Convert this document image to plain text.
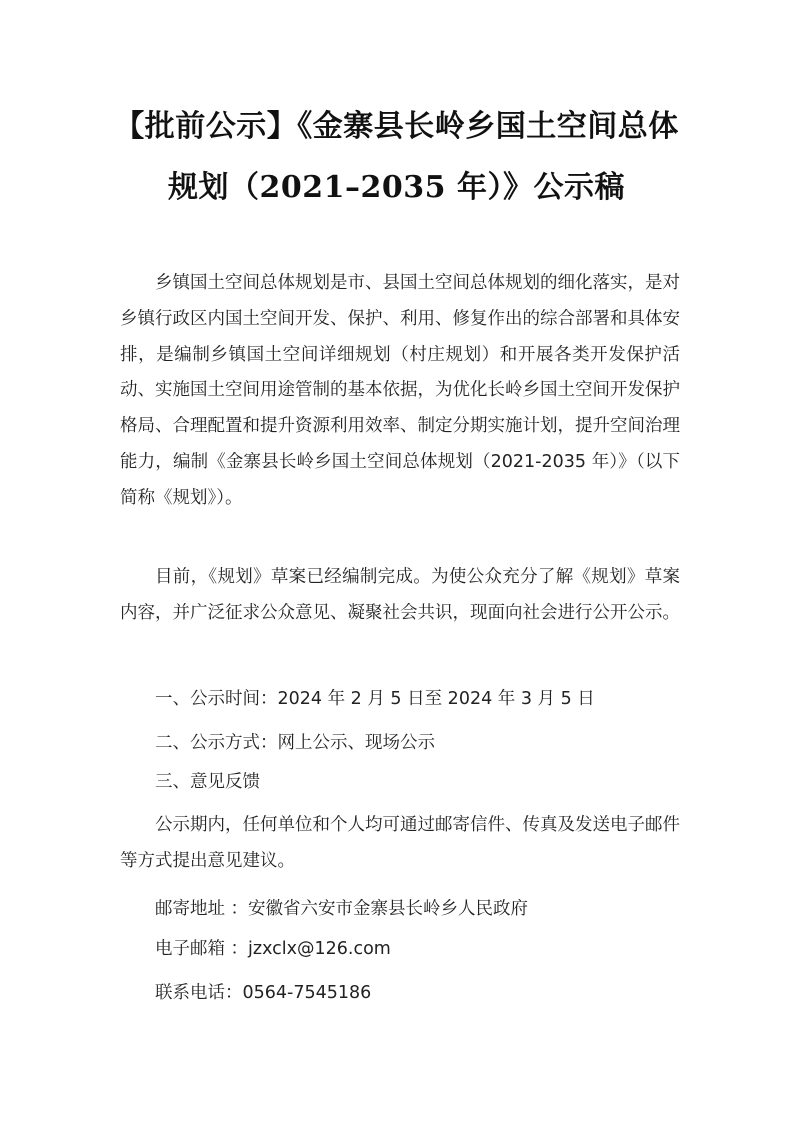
【批前公示】《金寨县长岭乡国土空间总体
规划（2021–2035 年）》公示稿

乡镇国土空间总体规划是市、县国土空间总体规划的细化落实，是对乡镇行政区内国土空间开发、保护、利用、修复作出的综合部署和具体安排，是编制乡镇国土空间详细规划（村庄规划）和开展各类开发保护活动、实施国土空间用途管制的基本依据，为优化长岭乡国土空间开发保护格局、合理配置和提升资源利用效率、制定分期实施计划，提升空间治理能力，编制《金寨县长岭乡国土空间总体规划（2021-2035 年）》（以下简称《规划》）。

目前，《规划》草案已经编制完成。为使公众充分了解《规划》草案内容，并广泛征求公众意见、凝聚社会共识，现面向社会进行公开公示。

一、公示时间：2024 年 2 月 5 日至 2024 年 3 月 5 日

二、公示方式：网上公示、现场公示

三、意见反馈

公示期内，任何单位和个人均可通过邮寄信件、传真及发送电子邮件等方式提出意见建议。

邮寄地址 ：安徽省六安市金寨县长岭乡人民政府

电子邮箱 ：jzxclx@126.com

联系电话：0564-7545186
